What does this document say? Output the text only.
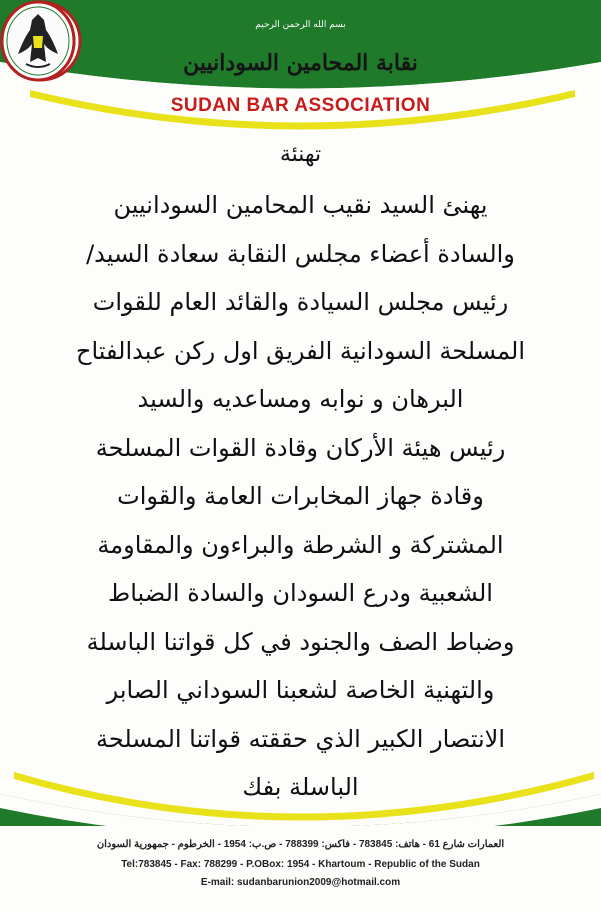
بسم الله الرحمن الرحيم
نقابة المحامين السودانيين
SUDAN BAR ASSOCIATION
تهنئة
يهنئ السيد نقيب المحامين السودانيين
والسادة أعضاء مجلس النقابة سعادة السيد/
رئيس مجلس السيادة والقائد العام للقوات
المسلحة السودانية الفريق اول ركن عبدالفتاح
البرهان و نوابه ومساعديه والسيد
رئيس هيئة الأركان وقادة القوات المسلحة
وقادة جهاز المخابرات العامة والقوات
المشتركة و الشرطة والبراءون والمقاومة
الشعبية ودرع السودان والسادة الضباط
وضباط الصف والجنود في كل قواتنا الباسلة
والتهنية الخاصة لشعبنا السوداني الصابر
الانتصار الكبير الذي حققته قواتنا المسلحة
الباسلة بفك
العمارات شارع 61 - هاتف: 783845 - فاكس: 788399 - ص.ب: 1954 - الخرطوم - جمهورية السودان
Tel:783845 - Fax: 788299 - P.OBox: 1954 - Khartoum - Republic of the Sudan
E-mail: sudanbarunion2009@hotmail.com
